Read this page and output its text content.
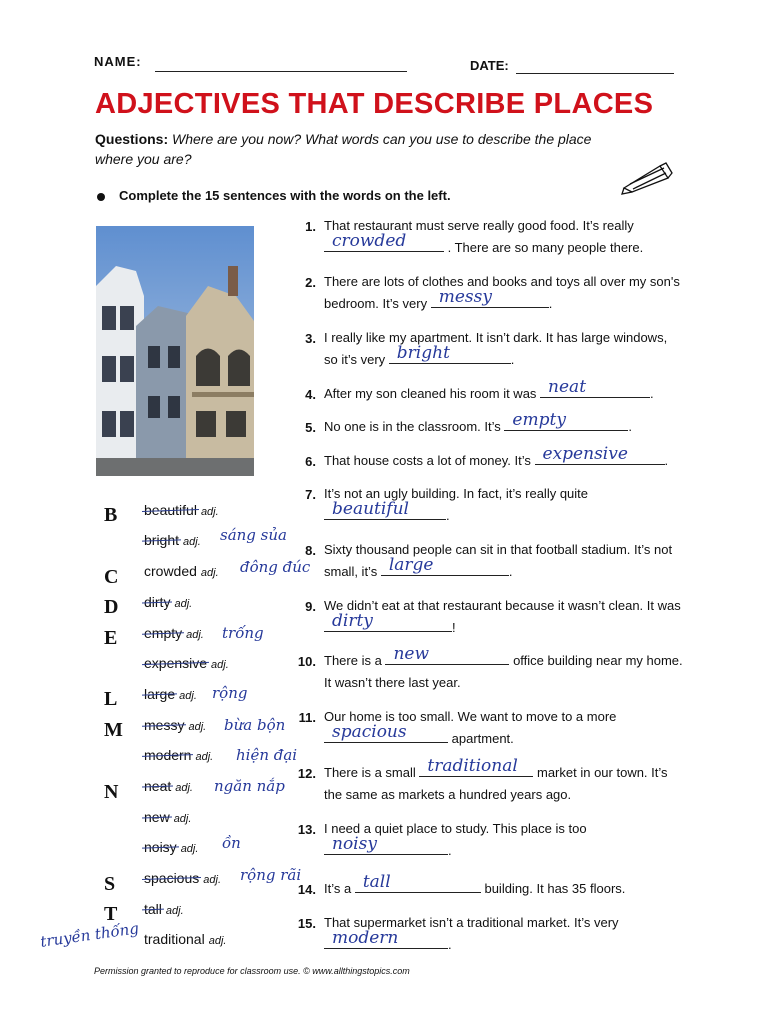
NAME:	DATE:
ADJECTIVES THAT DESCRIBE PLACES
Questions: Where are you now? What words can you use to describe the place
where you are?
Complete the 15 sentences with the words on the left.
B
C
D
E
L
M
N
S
T
beautiful adj.
bright adj. sáng sủa
crowded adj. đông đúc
dirty adj.
empty adj. trống
expensive adj.
large adj. rộng
messy adj. bừa bộn
modern adj. hiện đại
neat adj. ngăn nắp
new adj.
noisy adj. ồn
spacious adj. rộng rãi
tall adj.
traditional adj.
truyền thống
1. That restaurant must serve really good food. It’s really

crowded	. There are so many people there.
2. There are lots of clothes and books and toys all over my son's bedroom. It’s very messy	.
3. I really like my apartment. It isn’t dark. It has large windows, so it’s very bright	.
4. After my son cleaned his room it was neat	.
5. No one is in the classroom. It’s empty	.
6. That house costs a lot of money. It’s expensive	.
7. It’s not an ugly building. In fact, it’s really quite

beautiful	.
8. Sixty thousand people can sit in that football stadium. It’s not small, it’s large	.
9. We didn’t eat at that restaurant because it wasn’t clean. It was
dirty	!
10. There is a new	office building near my home. It wasn’t there last year.
11. Our home is too small. We want to move to a more

spacious	apartment.
12. There is a small traditional market in our town. It’s the same as markets a hundred years ago.
13. I need a quiet place to study. This place is too

noisy	.
14. It’s a tall	building. It has 35 floors.
15. That supermarket isn’t a traditional market. It’s very

modern	.
Permission granted to reproduce for classroom use. © www.allthingstopics.com
